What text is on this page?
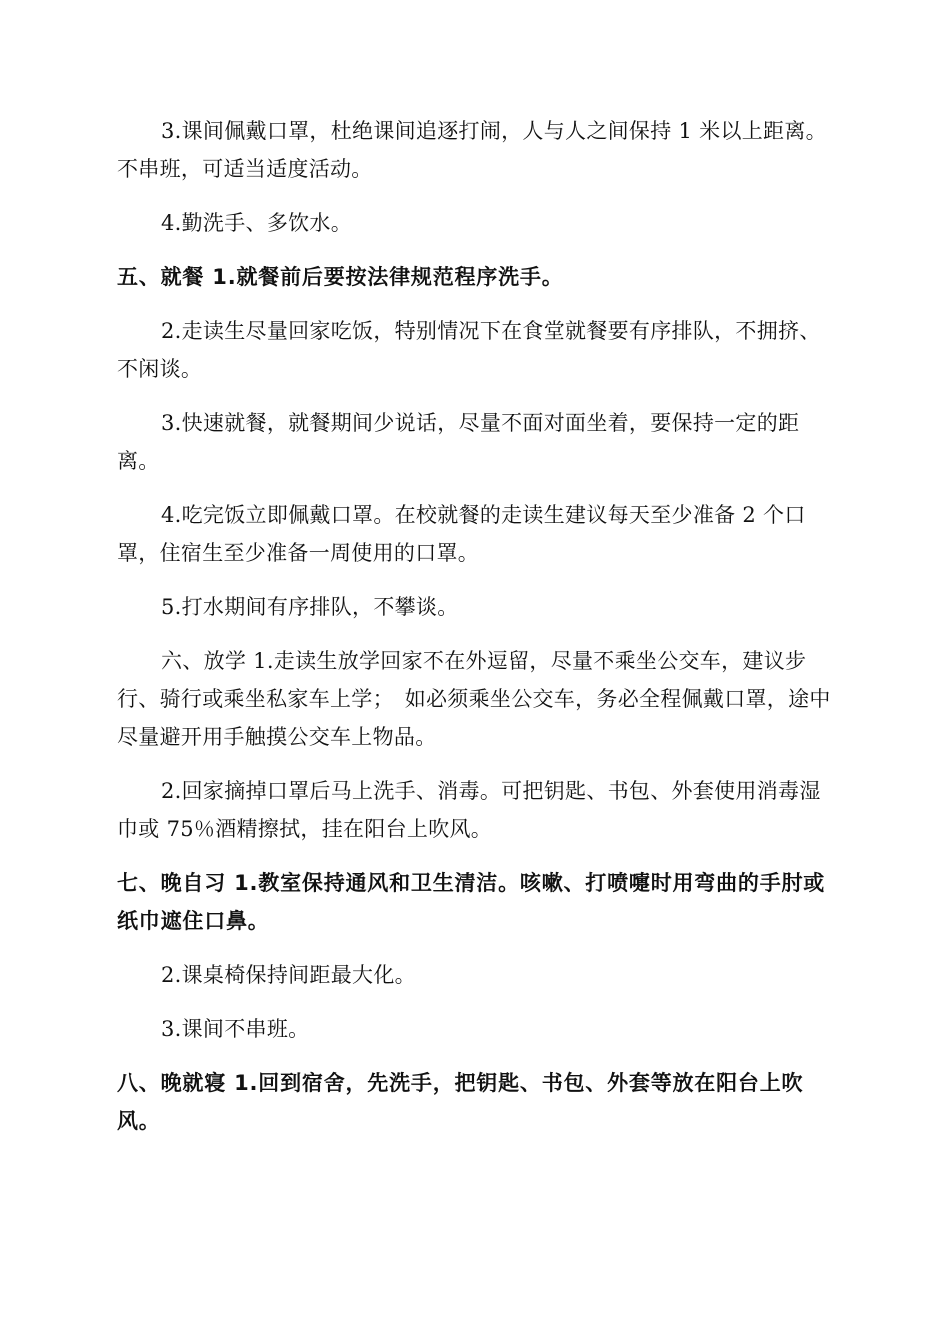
3.课间佩戴口罩，杜绝课间追逐打闹，人与人之间保持 1 米以上距离。不串班，可适当适度活动。

4.勤洗手、多饮水。

五、就餐 1.就餐前后要按法律规范程序洗手。

2.走读生尽量回家吃饭，特别情况下在食堂就餐要有序排队，不拥挤、不闲谈。

3.快速就餐，就餐期间少说话，尽量不面对面坐着，要保持一定的距离。

4.吃完饭立即佩戴口罩。在校就餐的走读生建议每天至少准备 2 个口罩，住宿生至少准备一周使用的口罩。

5.打水期间有序排队，不攀谈。

六、放学 1.走读生放学回家不在外逗留，尽量不乘坐公交车，建议步行、骑行或乘坐私家车上学；　如必须乘坐公交车，务必全程佩戴口罩，途中尽量避开用手触摸公交车上物品。

2.回家摘掉口罩后马上洗手、消毒。可把钥匙、书包、外套使用消毒湿巾或 75％酒精擦拭，挂在阳台上吹风。

七、晚自习 1.教室保持通风和卫生清洁。咳嗽、打喷嚏时用弯曲的手肘或纸巾遮住口鼻。

2.课桌椅保持间距最大化。

3.课间不串班。

八、晚就寝 1.回到宿舍，先洗手，把钥匙、书包、外套等放在阳台上吹风。
